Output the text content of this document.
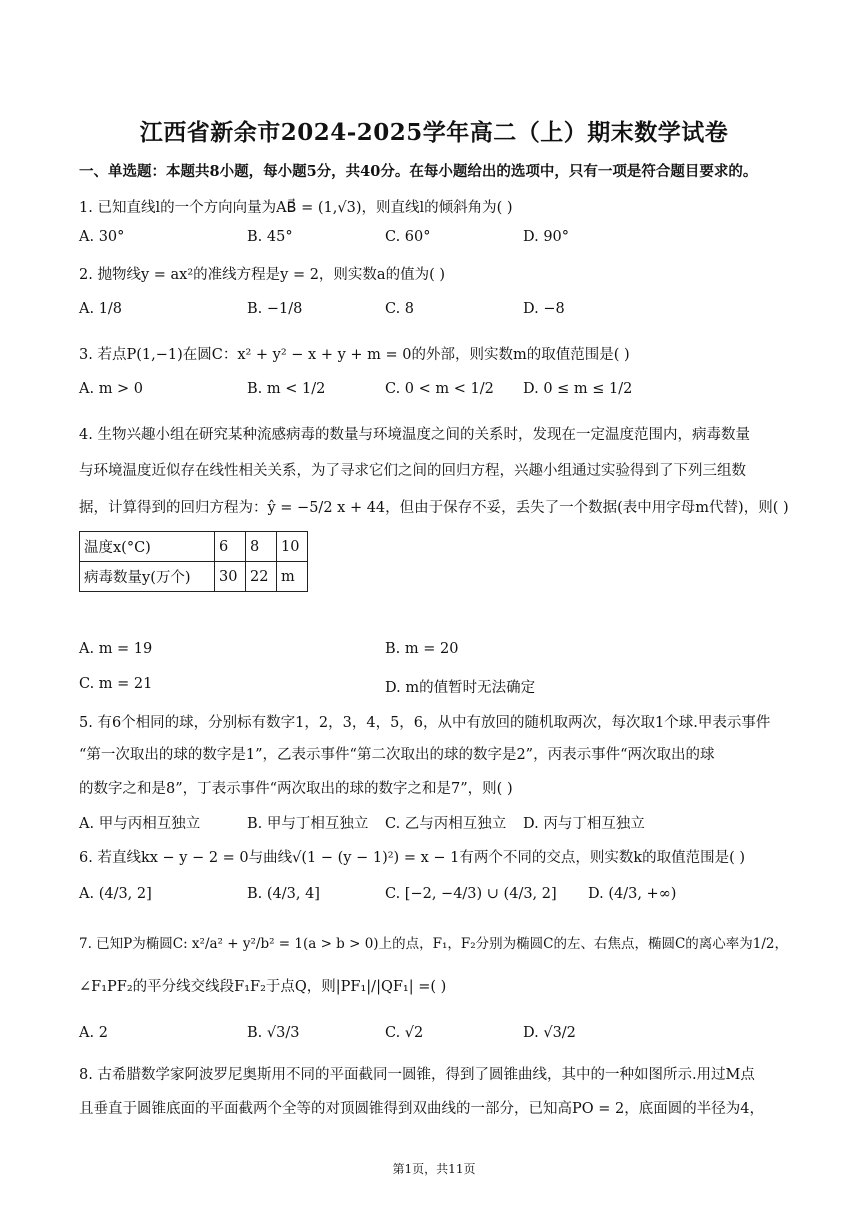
江西省新余市2024-2025学年高二（上）期末数学试卷
一、单选题：本题共8小题，每小题5分，共40分。在每小题给出的选项中，只有一项是符合题目要求的。
1. 已知直线l的一个方向向量为AB⃗ = (1,√3)，则直线l的倾斜角为( )
A. 30°	B. 45°	C. 60°	D. 90°
2. 抛物线y = ax²的准线方程是y = 2，则实数a的值为( )
A. 1/8	B. −1/8	C. 8	D. −8
3. 若点P(1,−1)在圆C：x² + y² − x + y + m = 0的外部，则实数m的取值范围是( )
A. m > 0	B. m < 1/2	C. 0 < m < 1/2 D. 0 ≤ m ≤ 1/2
4. 生物兴趣小组在研究某种流感病毒的数量与环境温度之间的关系时，发现在一定温度范围内，病毒数量
与环境温度近似存在线性相关关系，为了寻求它们之间的回归方程，兴趣小组通过实验得到了下列三组数
据，计算得到的回归方程为：ŷ = −5/2 x + 44，但由于保存不妥，丢失了一个数据(表中用字母m代替)，则( )
温度x(°C)	6	8	10
病毒数量y(万个)	30	22	m
A. m = 19	B. m = 20
C. m = 21	D. m的值暂时无法确定
5. 有6个相同的球，分别标有数字1，2，3，4，5，6，从中有放回的随机取两次，每次取1个球.甲表示事件
“第一次取出的球的数字是1”，乙表示事件“第二次取出的球的数字是2”，丙表示事件“两次取出的球
的数字之和是8”，丁表示事件“两次取出的球的数字之和是7”，则( )
A. 甲与丙相互独立	B. 甲与丁相互独立 C. 乙与丙相互独立 D. 丙与丁相互独立
6. 若直线kx − y − 2 = 0与曲线√(1 − (y − 1)²) = x − 1有两个不同的交点，则实数k的取值范围是( )
A. (4/3, 2]	B. (4/3, 4]	C. [−2, −4/3) ∪ (4/3, 2] D. (4/3, +∞)
7. 已知P为椭圆C: x²/a² + y²/b² = 1(a > b > 0)上的点，F₁，F₂分别为椭圆C的左、右焦点，椭圆C的离心率为1/2，
∠F₁PF₂的平分线交线段F₁F₂于点Q，则|PF₁|/|QF₁| =( )
A. 2	B. √3/3	C. √2	D. √3/2
8. 古希腊数学家阿波罗尼奥斯用不同的平面截同一圆锥，得到了圆锥曲线，其中的一种如图所示.用过M点
且垂直于圆锥底面的平面截两个全等的对顶圆锥得到双曲线的一部分，已知高PO = 2，底面圆的半径为4，
第1页，共11页
